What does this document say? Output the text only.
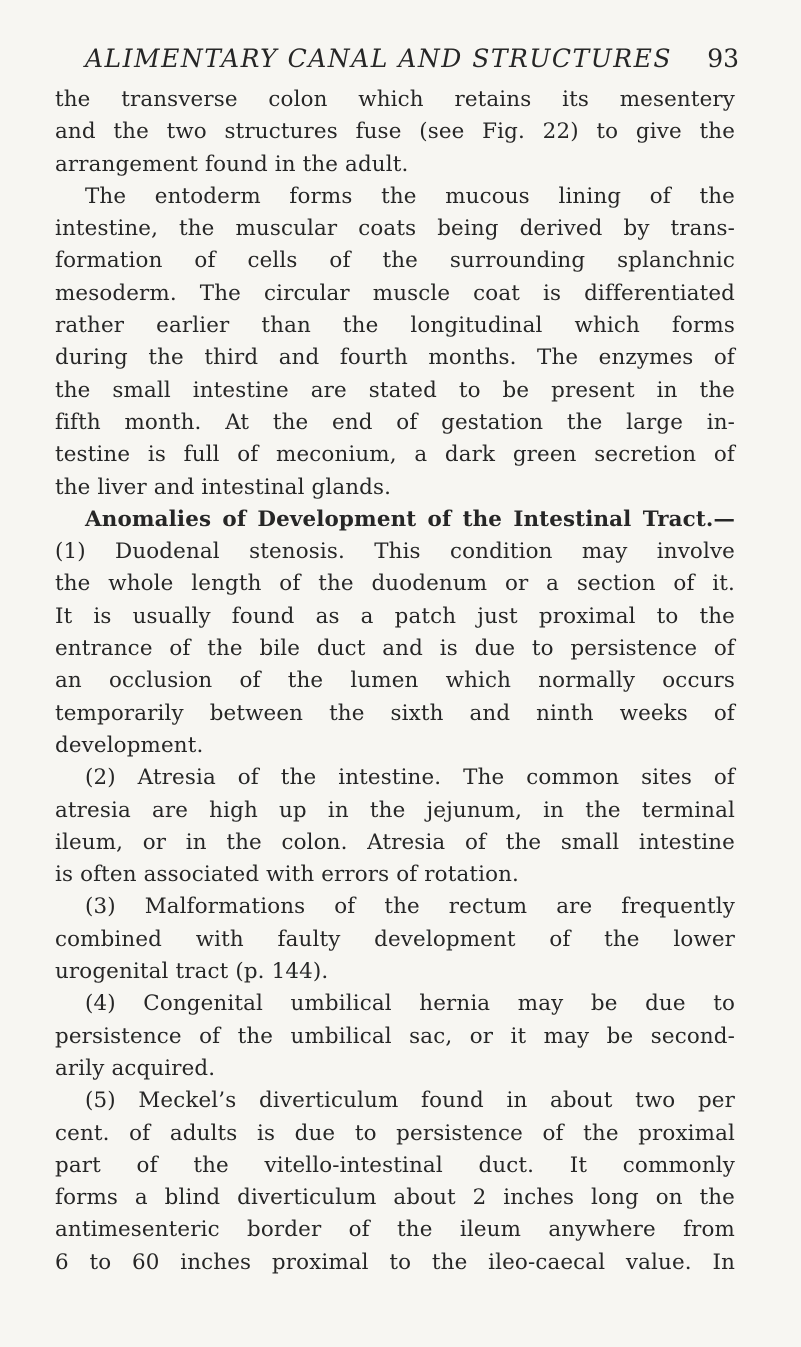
ALIMENTARY CANAL AND STRUCTURES 93
the transverse colon which retains its mesentery
and the two structures fuse (see Fig. 22) to give the
arrangement found in the adult.
The entoderm forms the mucous lining of the
intestine, the muscular coats being derived by trans-
formation of cells of the surrounding splanchnic
mesoderm. The circular muscle coat is differentiated
rather earlier than the longitudinal which forms
during the third and fourth months. The enzymes of
the small intestine are stated to be present in the
fifth month. At the end of gestation the large in-
testine is full of meconium, a dark green secretion of
the liver and intestinal glands.
Anomalies of Development of the Intestinal Tract.—
(1) Duodenal stenosis. This condition may involve
the whole length of the duodenum or a section of it.
It is usually found as a patch just proximal to the
entrance of the bile duct and is due to persistence of
an occlusion of the lumen which normally occurs
temporarily between the sixth and ninth weeks of
development.
(2) Atresia of the intestine. The common sites of
atresia are high up in the jejunum, in the terminal
ileum, or in the colon. Atresia of the small intestine
is often associated with errors of rotation.
(3) Malformations of the rectum are frequently
combined with faulty development of the lower
urogenital tract (p. 144).
(4) Congenital umbilical hernia may be due to
persistence of the umbilical sac, or it may be second-
arily acquired.
(5) Meckel’s diverticulum found in about two per
cent. of adults is due to persistence of the proximal
part of the vitello-intestinal duct. It commonly
forms a blind diverticulum about 2 inches long on the
antimesenteric border of the ileum anywhere from
6 to 60 inches proximal to the ileo-caecal value. In
